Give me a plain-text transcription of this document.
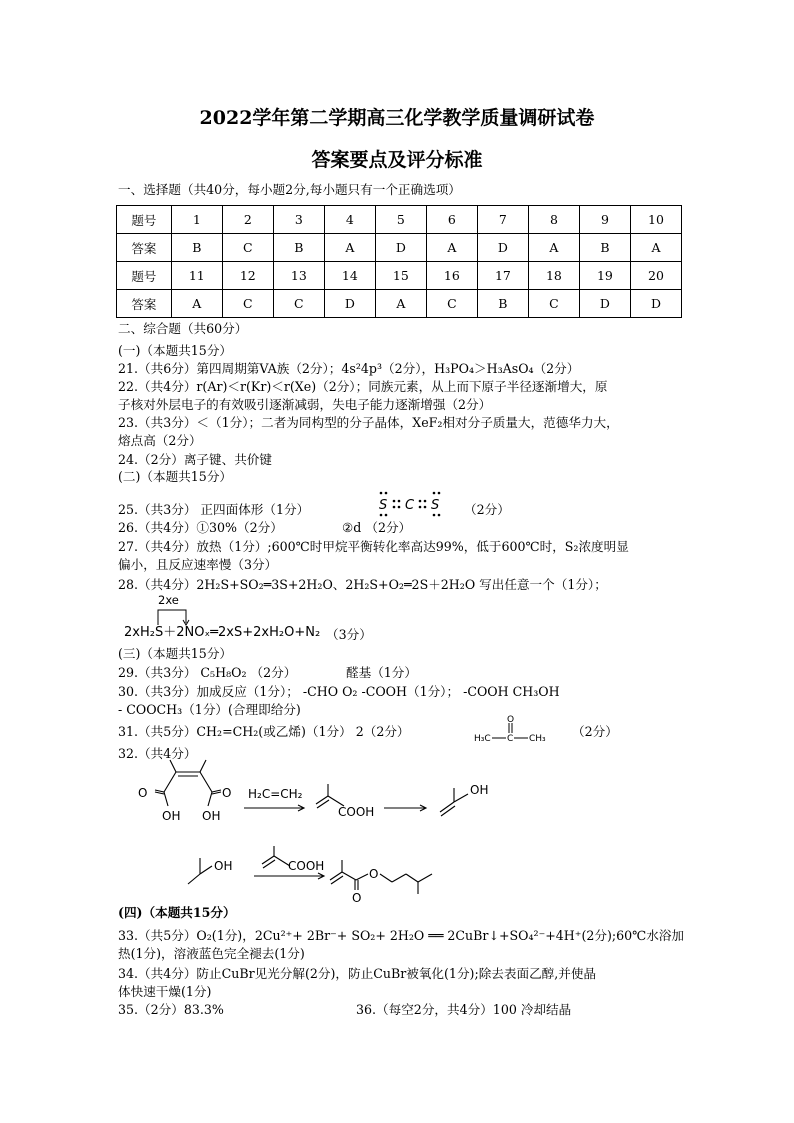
2022学年第二学期高三化学教学质量调研试卷
答案要点及评分标准
一、选择题（共40分，每小题2分,每小题只有一个正确选项）
题号	1	2	3	4	5	6	7	8	9	10
答案	B	C	B	A	D	A	D	A	B	A
题号	11	12	13	14	15	16	17	18	19	20
答案	A	C	C	D	A	C	B	C	D	D
二、综合题（共60分）
(一)（本题共15分）
21.（共6分）第四周期第VA族（2分）；4s²4p³（2分），H₃PO₄＞H₃AsO₄（2分）
22.（共4分）r(Ar)＜r(Kr)＜r(Xe)（2分）；同族元素，从上而下原子半径逐渐增大，原
子核对外层电子的有效吸引逐渐减弱，失电子能力逐渐增强（2分）
23.（共3分）＜（1分）；二者为同构型的分子晶体，XeF₂相对分子质量大，范德华力大，
熔点高（2分）
24.（2分）离子键、共价键
(二)（本题共15分）
25.（共3分） 正四面体形（1分）	S C S （2分）
26.（共4分）①30%（2分）	②d （2分）
27.（共4分）放热（1分）;600℃时甲烷平衡转化率高达99%，低于600℃时，S₂浓度明显
偏小，且反应速率慢（3分）
28.（共4分）2H₂S+SO₂═3S+2H₂O、2H₂S+O₂═2S＋2H₂O 写出任意一个（1分）；
2xe
2xH₂S＋2NOₓ═2xS+2xH₂O+N₂ （3分）
(三)（本题共15分）
29.（共3分） C₅H₈O₂ （2分）	醛基（1分）
30.（共3分）加成反应（1分）； -CHO O₂ -COOH（1分）； -COOH CH₃OH
- COOCH₃（1分）(合理即给分)
31.（共5分）CH₂=CH₂(或乙烯)（1分） 2（2分）	H₃C C CH₃
O
（2分）
32.（共4分）
O
OH OH
O H₂C=CH₂
COOH
OH
OH	COOH
O
O
(四)（本题共15分）
33.（共5分）O₂(1分)，2Cu²⁺+ 2Br⁻+ SO₂+ 2H₂O ══ 2CuBr↓+SO₄²⁻+4H⁺(2分);60℃水浴加
热(1分)，溶液蓝色完全褪去(1分)
34.（共4分）防止CuBr见光分解(2分)，防止CuBr被氧化(1分);除去表面乙醇,并使晶
体快速干燥(1分)
35.（2分）83.3%	36.（每空2分，共4分）100 冷却结晶
